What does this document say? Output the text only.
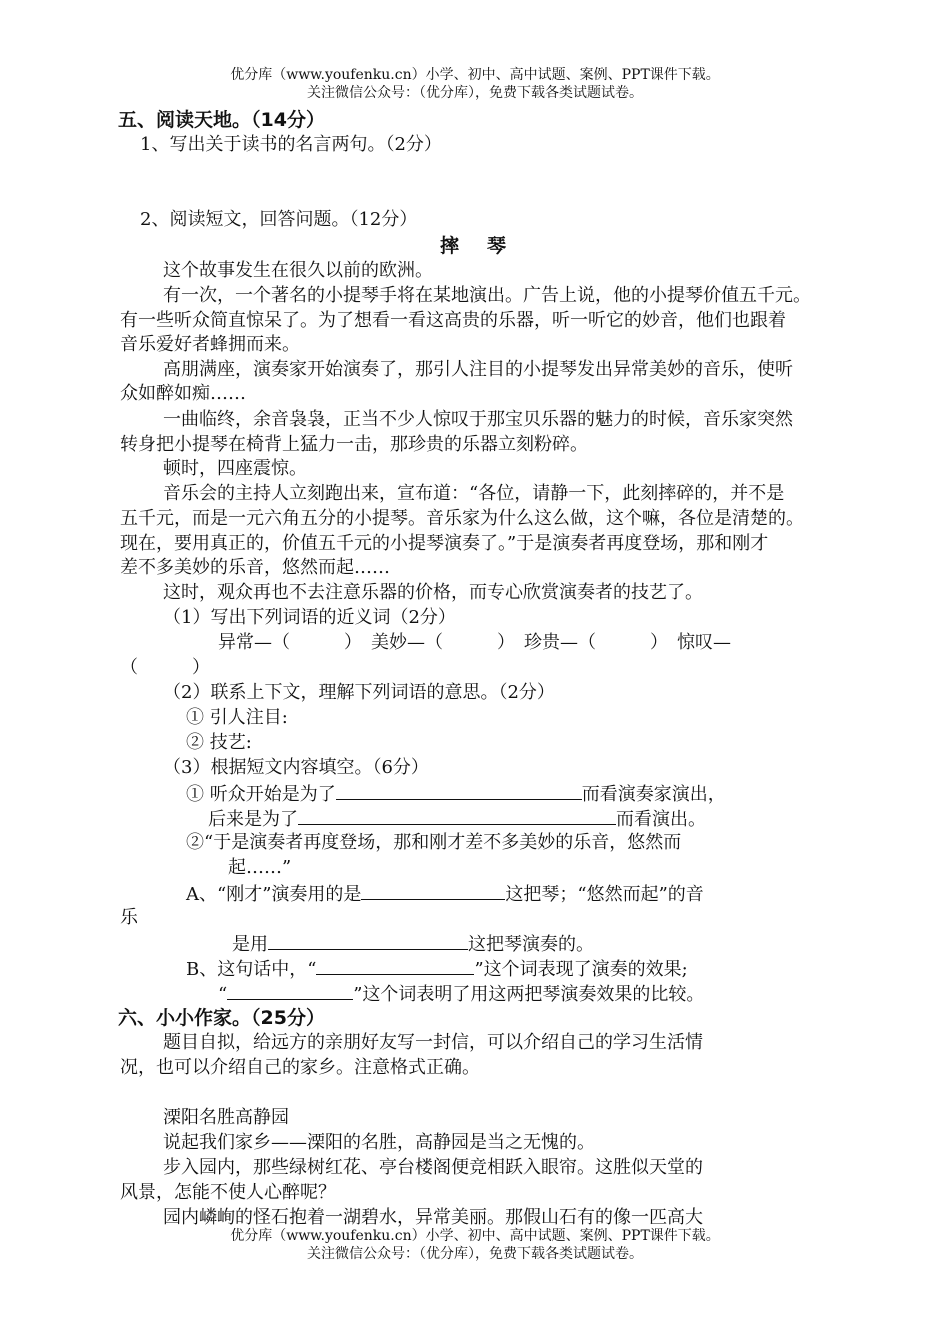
优分库（www.youfenku.cn）小学、初中、高中试题、案例、PPT课件下载。
关注微信公众号：（优分库），免费下载各类试题试卷。
五、阅读天地。（14分）
1、写出关于读书的名言两句。（2分）
2、阅读短文，回答问题。（12分）
摔琴
这个故事发生在很久以前的欧洲。
有一次，一个著名的小提琴手将在某地演出。广告上说，他的小提琴价值五千元。
有一些听众简直惊呆了。为了想看一看这高贵的乐器，听一听它的妙音，他们也跟着
音乐爱好者蜂拥而来。
高朋满座，演奏家开始演奏了，那引人注目的小提琴发出异常美妙的音乐，使听
众如醉如痴……
一曲临终，余音袅袅，正当不少人惊叹于那宝贝乐器的魅力的时候，音乐家突然
转身把小提琴在椅背上猛力一击，那珍贵的乐器立刻粉碎。
顿时，四座震惊。
音乐会的主持人立刻跑出来，宣布道：“各位，请静一下，此刻摔碎的，并不是
五千元，而是一元六角五分的小提琴。音乐家为什么这么做，这个嘛，各位是清楚的。
现在，要用真正的，价值五千元的小提琴演奏了。”于是演奏者再度登场，那和刚才
差不多美妙的乐音，悠然而起……
这时，观众再也不去注意乐器的价格，而专心欣赏演奏者的技艺了。
（1）写出下列词语的近义词（2分）
异常—（　　　）　美妙—（　　　）　珍贵—（　　　）　惊叹—
（　　　）
（2）联系上下文，理解下列词语的意思。（2分）
① 引人注目:
② 技艺:
（3）根据短文内容填空。（6分）
① 听众开始是为了	而看演奏家演出，
后来是为了	而看演出。
②“于是演奏者再度登场，那和刚才差不多美妙的乐音，悠然而
起……”
A、“刚才”演奏用的是	这把琴；“悠然而起”的音
乐
是用	这把琴演奏的。
B、这句话中，“	”这个词表现了演奏的效果;
“	”这个词表明了用这两把琴演奏效果的比较。
六、小小作家。（25分）
题目自拟，给远方的亲朋好友写一封信，可以介绍自己的学习生活情
况，也可以介绍自己的家乡。注意格式正确。
溧阳名胜高静园
说起我们家乡——溧阳的名胜，高静园是当之无愧的。
步入园内，那些绿树红花、亭台楼阁便竞相跃入眼帘。这胜似天堂的
风景，怎能不使人心醉呢？
园内嶙峋的怪石抱着一湖碧水，异常美丽。那假山石有的像一匹高大
优分库（www.youfenku.cn）小学、初中、高中试题、案例、PPT课件下载。
关注微信公众号：（优分库），免费下载各类试题试卷。
